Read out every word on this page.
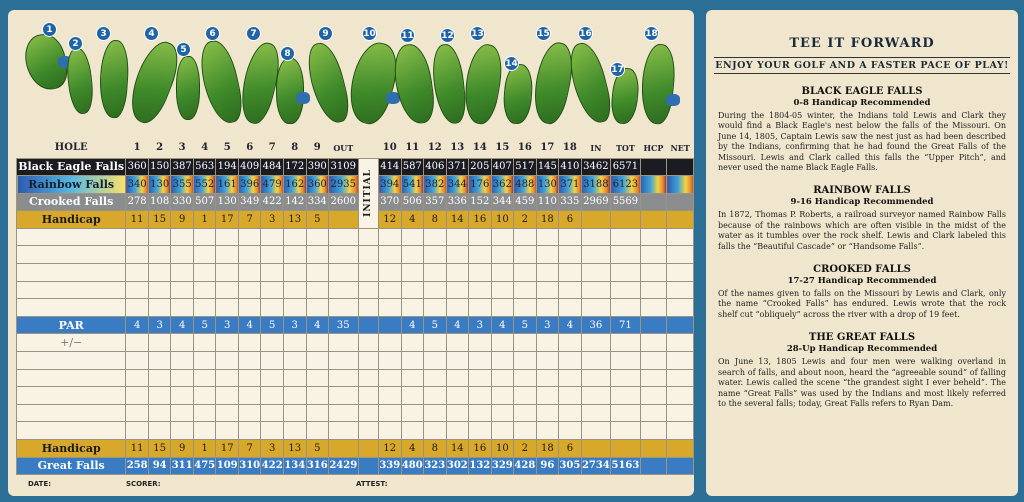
1
2
3	4
5
6	7
8
9	10	11	12 13
14
15	16
17
18
HOLE	1	2	3	4	5	6	7	8	9	OUT		10	11	12	13	14	15	16	17	18	IN	TOT	HCP	NET
Black Eagle Falls	360	150	387	563	194	409	484	172	390	3109	INITIAL	414	587	406	371	205	407	517	145	410	3462	6571		
Rainbow Falls	340	130	355	552	161	396	479	162	360	2935		394	541	382	344	176	362	488	130	371	3188	6123		
Crooked Falls	278	108	330	507	130	349	422	142	334	2600		370	506	357	336	152	344	459	110	335	2969	5569		
Handicap	11	15	9	1	17	7	3	13	5			12	4	8	14	16	10	2	18	6				

PAR	4	3	4	5	3	4	5	3	4	35			4	5	4	3	4	5	3	4	36	71		
+/−																								

Handicap	11	15	9	1	17	7	3	13	5			12	4	8	14	16	10	2	18	6				
Great Falls	258	94	311	475	109	310	422	134	316	2429		339	480	323	302	132	329	428	96	305	2734	5163		
DATE:	SCORER:	ATTEST:
TEE IT FORWARD
ENJOY YOUR GOLF AND A FASTER PACE OF PLAY!
BLACK EAGLE FALLS
0-8 Handicap Recommended

During the 1804-05 winter, the Indians told Lewis and Clark they would find a Black Eagle's nest below the falls of the Missouri. On June 14, 1805, Captain Lewis saw the nest just as had been described by the Indians, confirming that he had found the Great Falls of the Missouri. Lewis and Clark called this falls the “Upper Pitch”, and never used the name Black Eagle Falls.

RAINBOW FALLS
9-16 Handicap Recommended

In 1872, Thomas P. Roberts, a railroad surveyor named Rainbow Falls because of the rainbows which are often visible in the midst of the water as it tumbles over the rock shelf. Lewis and Clark labeled this falls the “Beautiful Cascade” or “Handsome Falls”.

CROOKED FALLS
17-27 Handicap Recommended

Of the names given to falls on the Missouri by Lewis and Clark, only the name “Crooked Falls” has endured. Lewis wrote that the rock shelf cut “obliquely” across the river with a drop of 19 feet.

THE GREAT FALLS
28-Up Handicap Recommended

On June 13, 1805 Lewis and four men were walking overland in search of falls, and about noon, heard the “agreeable sound” of falling water. Lewis called the scene “the grandest sight I ever beheld”. The name “Great Falls” was used by the Indians and most likely referred to the several falls; today, Great Falls refers to Ryan Dam.
